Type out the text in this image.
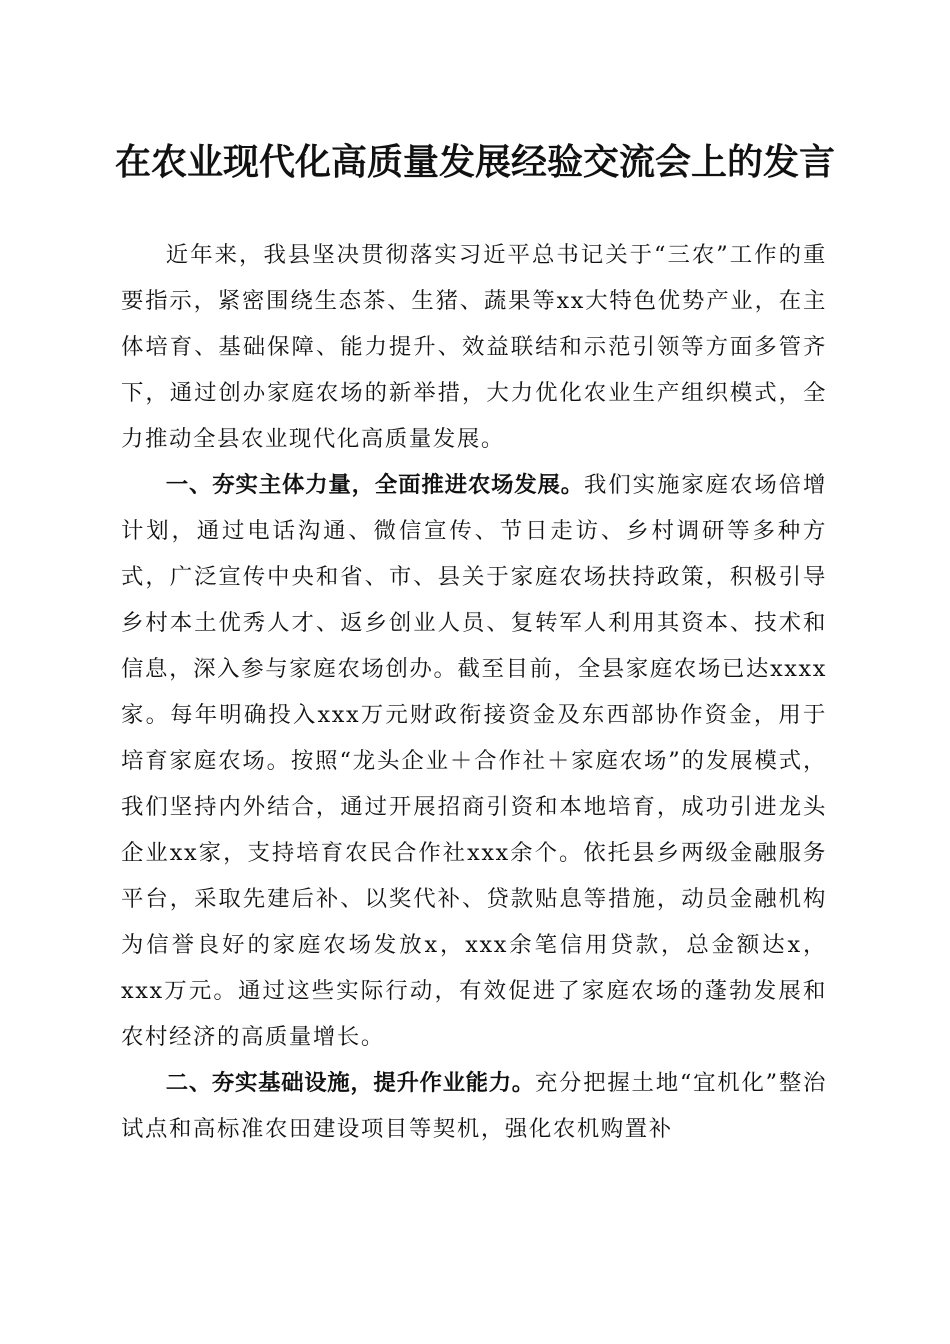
在农业现代化高质量发展经验交流会上的发言

近年来，我县坚决贯彻落实习近平总书记关于“三农”工作的重要指示，紧密围绕生态茶、生猪、蔬果等xx大特色优势产业，在主体培育、基础保障、能力提升、效益联结和示范引领等方面多管齐下，通过创办家庭农场的新举措，大力优化农业生产组织模式，全力推动全县农业现代化高质量发展。

一、夯实主体力量，全面推进农场发展。我们实施家庭农场倍增计划，通过电话沟通、微信宣传、节日走访、乡村调研等多种方式，广泛宣传中央和省、市、县关于家庭农场扶持政策，积极引导乡村本土优秀人才、返乡创业人员、复转军人利用其资本、技术和信息，深入参与家庭农场创办。截至目前，全县家庭农场已达xxxx家。每年明确投入xxx万元财政衔接资金及东西部协作资金，用于培育家庭农场。按照“龙头企业＋合作社＋家庭农场”的发展模式，我们坚持内外结合，通过开展招商引资和本地培育，成功引进龙头企业xx家，支持培育农民合作社xxx余个。依托县乡两级金融服务平台，采取先建后补、以奖代补、贷款贴息等措施，动员金融机构为信誉良好的家庭农场发放x，xxx余笔信用贷款，总金额达x，xxx万元。通过这些实际行动，有效促进了家庭农场的蓬勃发展和农村经济的高质量增长。

二、夯实基础设施，提升作业能力。充分把握土地“宜机化”整治试点和高标准农田建设项目等契机，强化农机购置补
